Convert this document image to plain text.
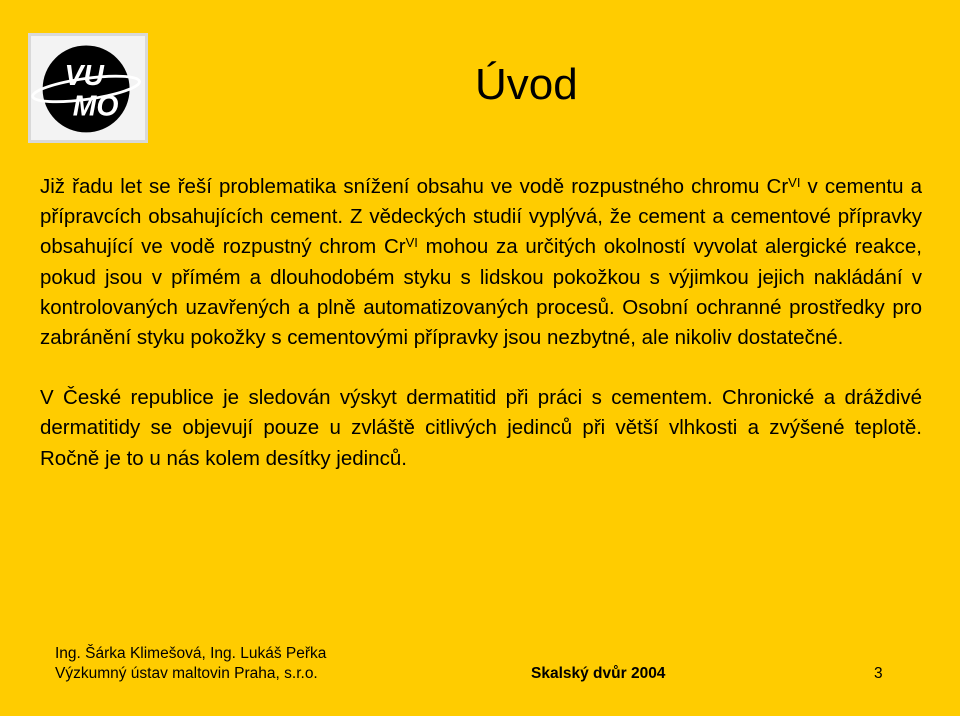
VU
MO	Úvod

Již řadu let se řeší problematika snížení obsahu ve vodě rozpustného chromu $Cr^{VI}$ v cementu a přípravcích obsahujících cement. Z vědeckých studií vyplývá, že cement a cementové přípravky obsahující ve vodě rozpustný chrom $Cr^{VI}$ mohou za určitých okolností vyvolat alergické reakce, pokud jsou v přímém a dlouhodobém styku s lidskou pokožkou s výjimkou jejich nakládání v kontrolovaných uzavřených a plně automatizovaných procesů. Osobní ochranné prostředky pro zabránění styku pokožky s cementovými přípravky jsou nezbytné, ale nikoliv dostatečné.

V České republice je sledován výskyt dermatitid při práci s cementem. Chronické a dráždivé dermatitidy se objevují pouze u zvláště citlivých jedinců při větší vlhkosti a zvýšené teplotě. Ročně je to u nás kolem desítky jedinců.

Ing. Šárka Klimešová, Ing. Lukáš Peřka
Výzkumný ústav maltovin Praha, s.r.o.	Skalský dvůr 2004	3
